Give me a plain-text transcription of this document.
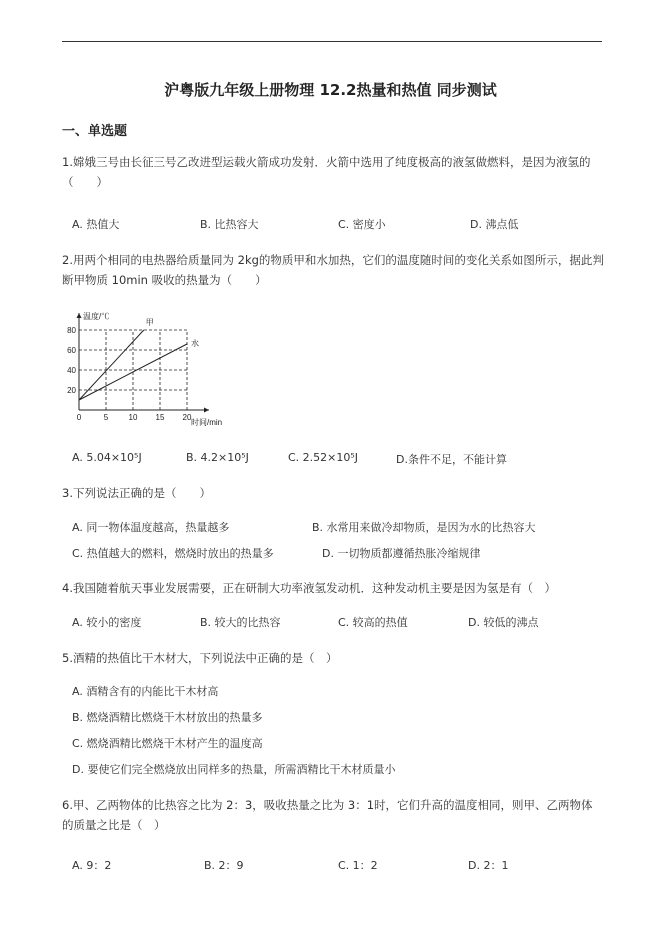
沪粤版九年级上册物理 12.2热量和热值 同步测试
一、单选题
1.嫦娥三号由长征三号乙改进型运载火箭成功发射．火箭中选用了纯度极高的液氢做燃料，是因为液氢的（　　）
A. 热值大	B. 比热容大	C. 密度小	D. 沸点低
2.用两个相同的电热器给质量同为 2kg的物质甲和水加热，它们的温度随时间的变化关系如图所示，据此判断甲物质 10min 吸收的热量为（　　）
20
40
60
80
0	5	10 15 20
温度/℃
时间/min
甲
水
A. 5.04×10⁵J	B. 4.2×10⁵J	C. 2.52×10⁵J	D.条件不足，不能计算
3.下列说法正确的是（　　）
A. 同一物体温度越高，热量越多	B. 水常用来做冷却物质，是因为水的比热容大
C. 热值越大的燃料，燃烧时放出的热量多	D. 一切物质都遵循热胀冷缩规律
4.我国随着航天事业发展需要，正在研制大功率液氢发动机．这种发动机主要是因为氢是有（　）
A. 较小的密度	B. 较大的比热容	C. 较高的热值	D. 较低的沸点
5.酒精的热值比干木材大，下列说法中正确的是（　）
A. 酒精含有的内能比干木材高
B. 燃烧酒精比燃烧干木材放出的热量多
C. 燃烧酒精比燃烧干木材产生的温度高
D. 要使它们完全燃烧放出同样多的热量，所需酒精比干木材质量小
6.甲、乙两物体的比热容之比为 2：3，吸收热量之比为 3：1时，它们升高的温度相同，则甲、乙两物体的质量之比是（　）
A. 9：2	B. 2：9	C. 1：2	D. 2：1
